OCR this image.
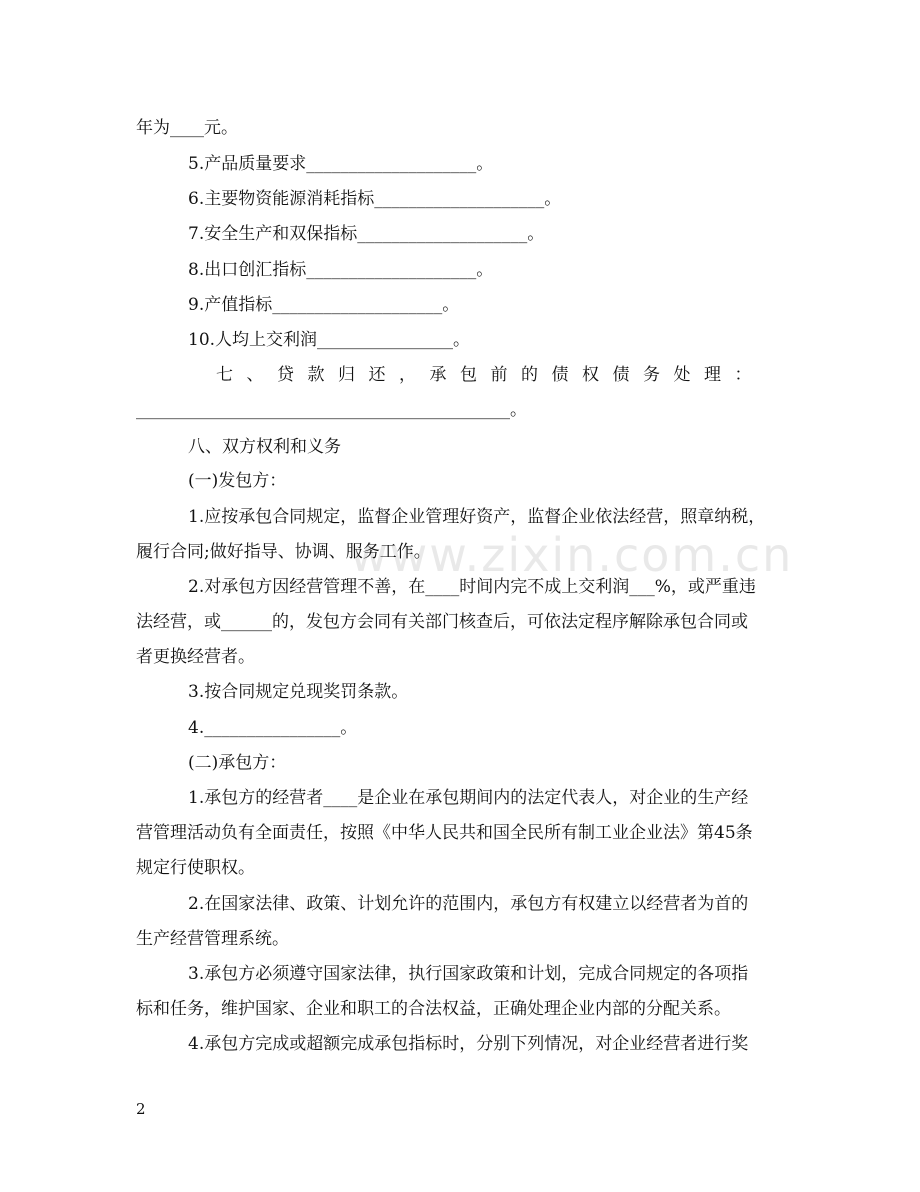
www.zixin.com.cn
年为____元。
5.产品质量要求____________________。
6.主要物资能源消耗指标____________________。
7.安全生产和双保指标____________________。
8.出口创汇指标____________________。
9.产值指标____________________。
10.人均上交利润________________。
七、贷款归还，承包前的债权债务处理：
____________________________________________。
八、双方权利和义务
(一)发包方：
1.应按承包合同规定，监督企业管理好资产，监督企业依法经营，照章纳税，
履行合同;做好指导、协调、服务工作。
2.对承包方因经营管理不善，在____时间内完不成上交利润___%，或严重违
法经营，或______的，发包方会同有关部门核查后，可依法定程序解除承包合同或
者更换经营者。
3.按合同规定兑现奖罚条款。
4.________________。
(二)承包方：
1.承包方的经营者____是企业在承包期间内的法定代表人，对企业的生产经
营管理活动负有全面责任，按照《中华人民共和国全民所有制工业企业法》第45条
规定行使职权。
2.在国家法律、政策、计划允许的范围内，承包方有权建立以经营者为首的
生产经营管理系统。
3.承包方必须遵守国家法律，执行国家政策和计划，完成合同规定的各项指
标和任务，维护国家、企业和职工的合法权益，正确处理企业内部的分配关系。
4.承包方完成或超额完成承包指标时，分别下列情况，对企业经营者进行奖
2
